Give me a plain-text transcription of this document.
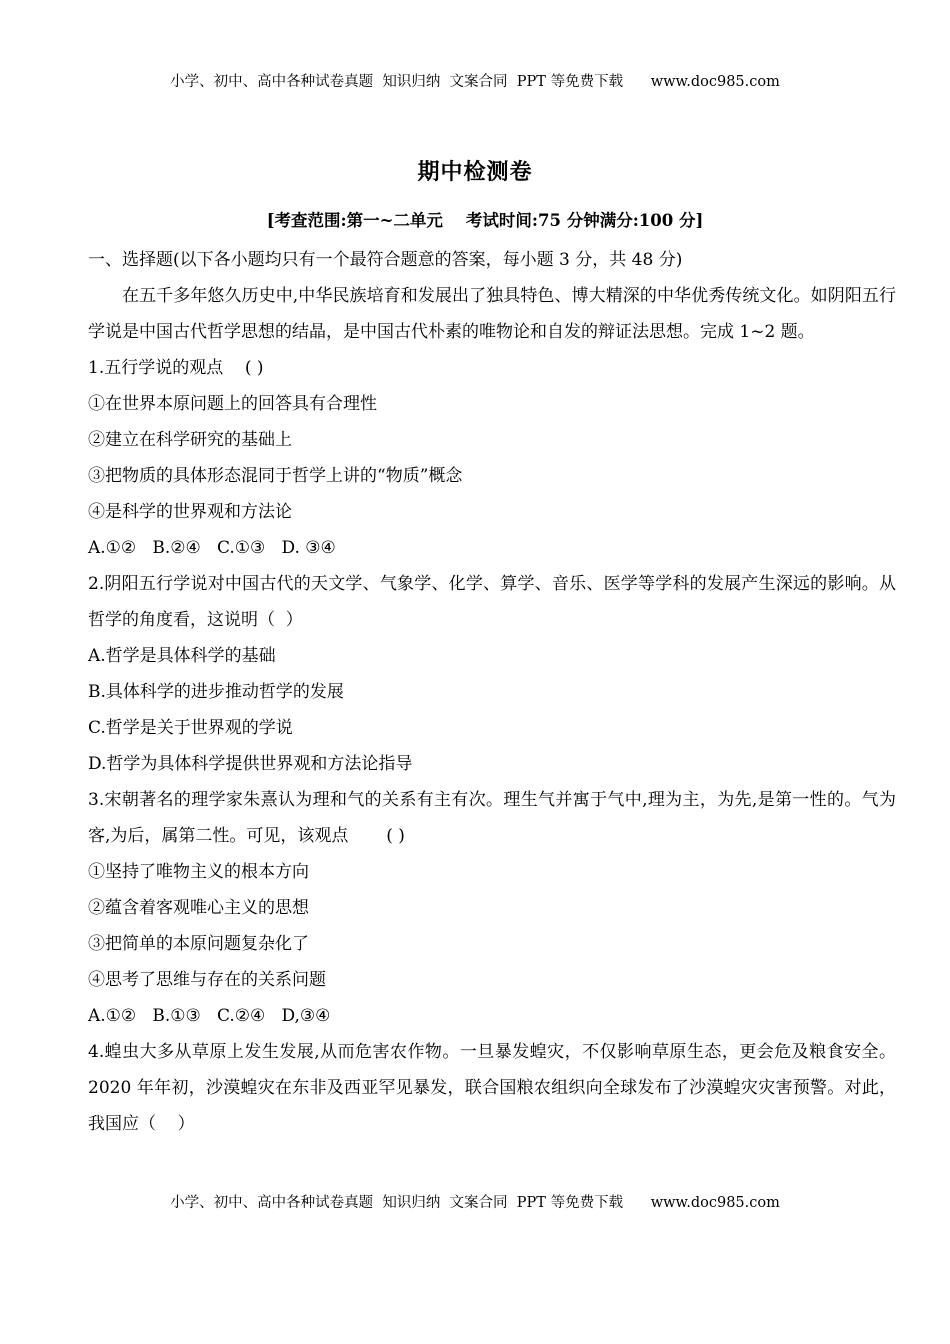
小学、初中、高中各种试卷真题  知识归纳  文案合同  PPT 等免费下载      www.doc985.com
期中检测卷
[考查范围:第一~二单元    考试时间:75 分钟满分:100 分]

一、选择题(以下各小题均只有一个最符合题意的答案，每小题 3 分，共 48 分)

在五千多年悠久历史中,中华民族培育和发展出了独具特色、博大精深的中华优秀传统文化。如阴阳五行学说是中国古代哲学思想的结晶，是中国古代朴素的唯物论和自发的辩证法思想。完成 1~2 题。

1.五行学说的观点    ( )

①在世界本原问题上的回答具有合理性

②建立在科学研究的基础上

③把物质的具体形态混同于哲学上讲的“物质”概念

④是科学的世界观和方法论

A.①②   B.②④   C.①③   D. ③④

2.阴阳五行学说对中国古代的天文学、气象学、化学、算学、音乐、医学等学科的发展产生深远的影响。从哲学的角度看，这说明（  ）

A.哲学是具体科学的基础

B.具体科学的进步推动哲学的发展

C.哲学是关于世界观的学说

D.哲学为具体科学提供世界观和方法论指导

3.宋朝著名的理学家朱熹认为理和气的关系有主有次。理生气并寓于气中,理为主，为先,是第一性的。气为客,为后，属第二性。可见，该观点       ( )

①坚持了唯物主义的根本方向

②蕴含着客观唯心主义的思想

③把简单的本原问题复杂化了

④思考了思维与存在的关系问题

A.①②   B.①③   C.②④   D,③④

4.蝗虫大多从草原上发生发展,从而危害农作物。一旦暴发蝗灾，不仅影响草原生态，更会危及粮食安全。2020 年年初，沙漠蝗灾在东非及西亚罕见暴发，联合国粮农组织向全球发布了沙漠蝗灾灾害预警。对此，我国应（    ）

小学、初中、高中各种试卷真题  知识归纳  文案合同  PPT 等免费下载      www.doc985.com
